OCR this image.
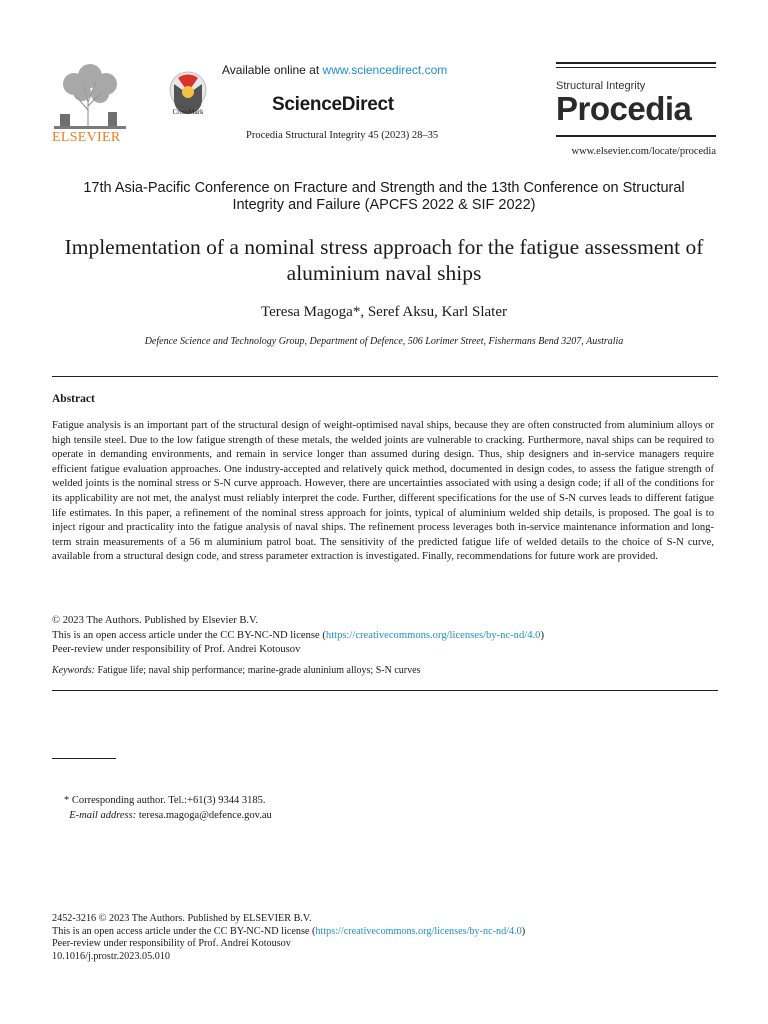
ELSEVIER
CrossMark
Available online at www.sciencedirect.com
ScienceDirect
Procedia Structural Integrity 45 (2023) 28–35
Structural Integrity
Procedia
www.elsevier.com/locate/procedia
17th Asia-Pacific Conference on Fracture and Strength and the 13th Conference on Structural Integrity and Failure (APCFS 2022 & SIF 2022)
Implementation of a nominal stress approach for the fatigue assessment of aluminium naval ships
Teresa Magoga*, Seref Aksu, Karl Slater
Defence Science and Technology Group, Department of Defence, 506 Lorimer Street, Fishermans Bend 3207, Australia
Abstract
Fatigue analysis is an important part of the structural design of weight-optimised naval ships, because they are often constructed from aluminium alloys or high tensile steel. Due to the low fatigue strength of these metals, the welded joints are vulnerable to cracking. Furthermore, naval ships can be required to operate in demanding environments, and remain in service longer than assumed during design. Thus, ship designers and in-service managers require efficient fatigue evaluation approaches. One industry-accepted and relatively quick method, documented in design codes, to assess the fatigue strength of welded joints is the nominal stress or S-N curve approach. However, there are uncertainties associated with using a design code; if all of the conditions for its applicability are not met, the analyst must reliably interpret the code. Further, different specifications for the use of S-N curves leads to different fatigue life estimates. In this paper, a refinement of the nominal stress approach for joints, typical of aluminium welded ship details, is proposed. The goal is to inject rigour and practicality into the fatigue analysis of naval ships. The refinement process leverages both in-service maintenance information and long-term strain measurements of a 56 m aluminium patrol boat. The sensitivity of the predicted fatigue life of welded details to the choice of S-N curve, available from a structural design code, and stress parameter extraction is investigated. Finally, recommendations for future work are provided.
© 2023 The Authors. Published by Elsevier B.V.
This is an open access article under the CC BY-NC-ND license (https://creativecommons.org/licenses/by-nc-nd/4.0)
Peer-review under responsibility of Prof. Andrei Kotousov
Keywords: Fatigue life; naval ship performance; marine-grade aluninium alloys; S-N curves
* Corresponding author. Tel.:+61(3) 9344 3185.
E-mail address: teresa.magoga@defence.gov.au
2452-3216 © 2023 The Authors. Published by ELSEVIER B.V.
This is an open access article under the CC BY-NC-ND license (https://creativecommons.org/licenses/by-nc-nd/4.0)
Peer-review under responsibility of Prof. Andrei Kotousov
10.1016/j.prostr.2023.05.010
